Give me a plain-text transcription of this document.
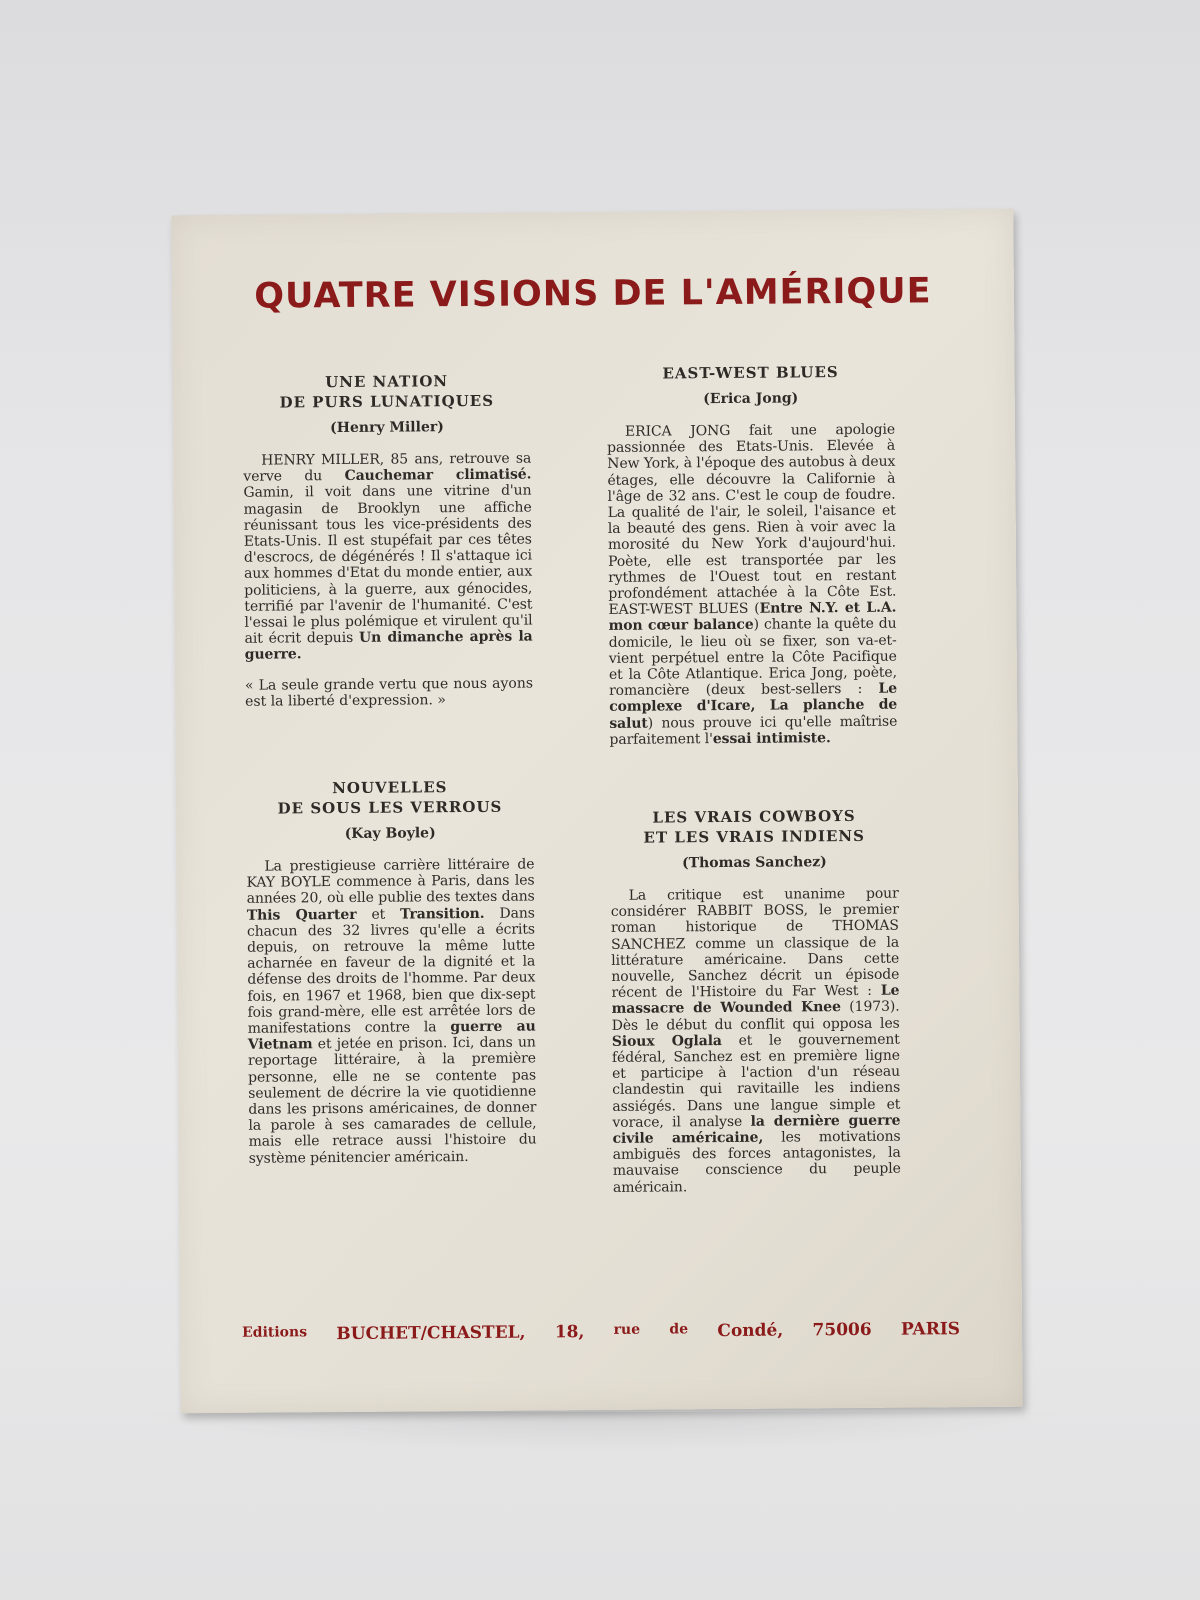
QUATRE VISIONS DE L'AMÉRIQUE

UNE NATION

DE PURS LUNATIQUES

(Henry Miller)

HENRY MILLER, 85 ans, retrouve sa verve du Cauchemar climatisé. Gamin, il voit dans une vitrine d'un magasin de Brooklyn une affiche réunissant tous les vice-présidents des Etats-Unis. Il est stupéfait par ces têtes d'escrocs, de dégénérés ! Il s'attaque ici aux hommes d'Etat du monde entier, aux politiciens, à la guerre, aux génocides, terrifié par l'avenir de l'humanité. C'est l'essai le plus polémique et virulent qu'il ait écrit depuis Un dimanche après la guerre.

« La seule grande vertu que nous ayons est la liberté d'expression. »

EAST-WEST BLUES

(Erica Jong)

ERICA JONG fait une apologie passionnée des Etats-Unis. Elevée à New York, à l'époque des autobus à deux étages, elle découvre la Californie à l'âge de 32 ans. C'est le coup de foudre. La qualité de l'air, le soleil, l'aisance et la beauté des gens. Rien à voir avec la morosité du New York d'aujourd'hui. Poète, elle est transportée par les rythmes de l'Ouest tout en restant profondément attachée à la Côte Est. EAST-WEST BLUES (Entre N.Y. et L.A. mon cœur balance) chante la quête du domicile, le lieu où se fixer, son va-et-vient perpétuel entre la Côte Pacifique et la Côte Atlantique. Erica Jong, poète, romancière (deux best-sellers : Le complexe d'Icare, La planche de salut) nous prouve ici qu'elle maîtrise parfaitement l'essai intimiste.

NOUVELLES

DE SOUS LES VERROUS

(Kay Boyle)

La prestigieuse carrière littéraire de KAY BOYLE commence à Paris, dans les années 20, où elle publie des textes dans This Quarter et Transition. Dans chacun des 32 livres qu'elle a écrits depuis, on retrouve la même lutte acharnée en faveur de la dignité et la défense des droits de l'homme. Par deux fois, en 1967 et 1968, bien que dix-sept fois grand-mère, elle est arrêtée lors de manifestations contre la guerre au Vietnam et jetée en prison. Ici, dans un reportage littéraire, à la première personne, elle ne se contente pas seulement de décrire la vie quotidienne dans les prisons américaines, de donner la parole à ses camarades de cellule, mais elle retrace aussi l'histoire du système pénitencier américain.

LES VRAIS COWBOYS

ET LES VRAIS INDIENS

(Thomas Sanchez)

La critique est unanime pour considérer RABBIT BOSS, le premier roman historique de THOMAS SANCHEZ comme un classique de la littérature américaine. Dans cette nouvelle, Sanchez décrit un épisode récent de l'Histoire du Far West : Le massacre de Wounded Knee (1973). Dès le début du conflit qui opposa les Sioux Oglala et le gouvernement fédéral, Sanchez est en première ligne et participe à l'action d'un réseau clandestin qui ravitaille les indiens assiégés. Dans une langue simple et vorace, il analyse la dernière guerre civile américaine, les motivations ambiguës des forces antagonistes, la mauvaise conscience du peuple américain.

Editions BUCHET/CHASTEL, 18, rue de Condé, 75006 PARIS
